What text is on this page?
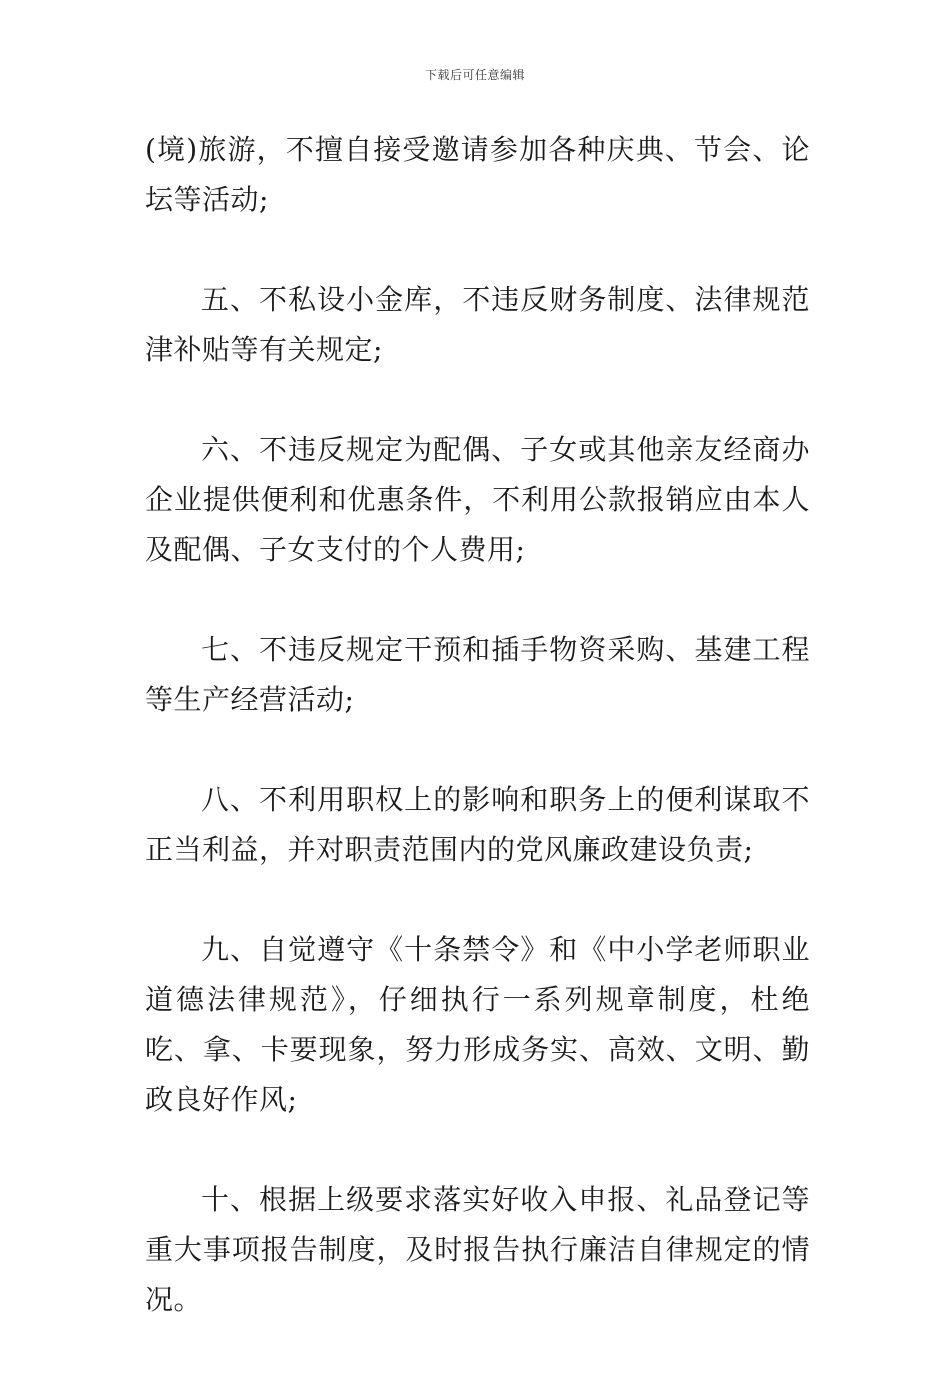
下载后可任意编辑

(境)旅游，不擅自接受邀请参加各种庆典、节会、论坛等活动;

五、不私设小金库，不违反财务制度、法律规范津补贴等有关规定;

六、不违反规定为配偶、子女或其他亲友经商办企业提供便利和优惠条件，不利用公款报销应由本人及配偶、子女支付的个人费用;

七、不违反规定干预和插手物资采购、基建工程等生产经营活动;

八、不利用职权上的影响和职务上的便利谋取不正当利益，并对职责范围内的党风廉政建设负责;

九、自觉遵守《十条禁令》和《中小学老师职业道德法律规范》，仔细执行一系列规章制度，杜绝吃、拿、卡要现象，努力形成务实、高效、文明、勤政良好作风;

十、根据上级要求落实好收入申报、礼品登记等重大事项报告制度，及时报告执行廉洁自律规定的情况。
